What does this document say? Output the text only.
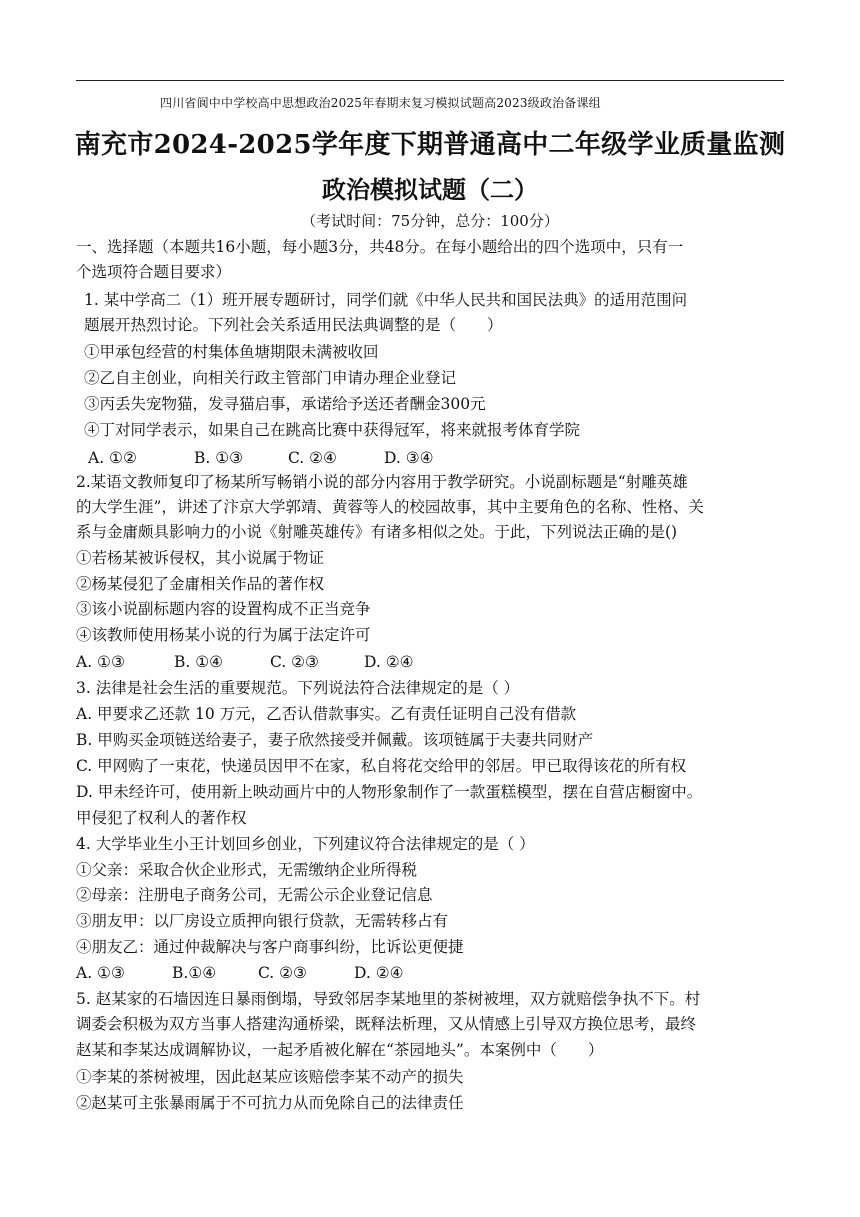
四川省阆中中学校高中思想政治2025年春期末复习模拟试题高2023级政治备课组
南充市2024-2025学年度下期普通高中二年级学业质量监测
政治模拟试题（二）
（考试时间：75分钟，总分：100分）
一、选择题（本题共16小题，每小题3分，共48分。在每小题给出的四个选项中，只有一
个选项符合题目要求）
1. 某中学高二（1）班开展专题研讨，同学们就《中华人民共和国民法典》的适用范围问
题展开热烈讨论。下列社会关系适用民法典调整的是（　　）
①甲承包经营的村集体鱼塘期限未满被收回
②乙自主创业，向相关行政主管部门申请办理企业登记
③丙丢失宠物猫，发寻猫启事，承诺给予送还者酬金300元
④丁对同学表示，如果自己在跳高比赛中获得冠军，将来就报考体育学院
A. ①②	B. ①③	C. ②④	D. ③④
2.某语文教师复印了杨某所写畅销小说的部分内容用于教学研究。小说副标题是“射雕英雄
的大学生涯”，讲述了汴京大学郭靖、黄蓉等人的校园故事，其中主要角色的名称、性格、关
系与金庸颇具影响力的小说《射雕英雄传》有诸多相似之处。于此，下列说法正确的是()
①若杨某被诉侵权，其小说属于物证
②杨某侵犯了金庸相关作品的著作权
③该小说副标题内容的设置构成不正当竞争
④该教师使用杨某小说的行为属于法定许可
A. ①③	B. ①④	C. ②③	D. ②④
3. 法律是社会生活的重要规范。下列说法符合法律规定的是（ ）
A. 甲要求乙还款 10 万元，乙否认借款事实。乙有责任证明自己没有借款
B. 甲购买金项链送给妻子，妻子欣然接受并佩戴。该项链属于夫妻共同财产
C. 甲网购了一束花，快递员因甲不在家，私自将花交给甲的邻居。甲已取得该花的所有权
D. 甲未经许可，使用新上映动画片中的人物形象制作了一款蛋糕模型，摆在自营店橱窗中。
甲侵犯了权利人的著作权
4. 大学毕业生小王计划回乡创业，下列建议符合法律规定的是（ ）
①父亲：采取合伙企业形式，无需缴纳企业所得税
②母亲：注册电子商务公司，无需公示企业登记信息
③朋友甲：以厂房设立质押向银行贷款，无需转移占有
④朋友乙：通过仲裁解决与客户商事纠纷，比诉讼更便捷
A. ①③	B.①④	C. ②③	D. ②④
5. 赵某家的石墙因连日暴雨倒塌，导致邻居李某地里的茶树被埋，双方就赔偿争执不下。村
调委会积极为双方当事人搭建沟通桥梁，既释法析理，又从情感上引导双方换位思考，最终
赵某和李某达成调解协议，一起矛盾被化解在“茶园地头”。本案例中（　　）
①李某的茶树被埋，因此赵某应该赔偿李某不动产的损失
②赵某可主张暴雨属于不可抗力从而免除自己的法律责任
